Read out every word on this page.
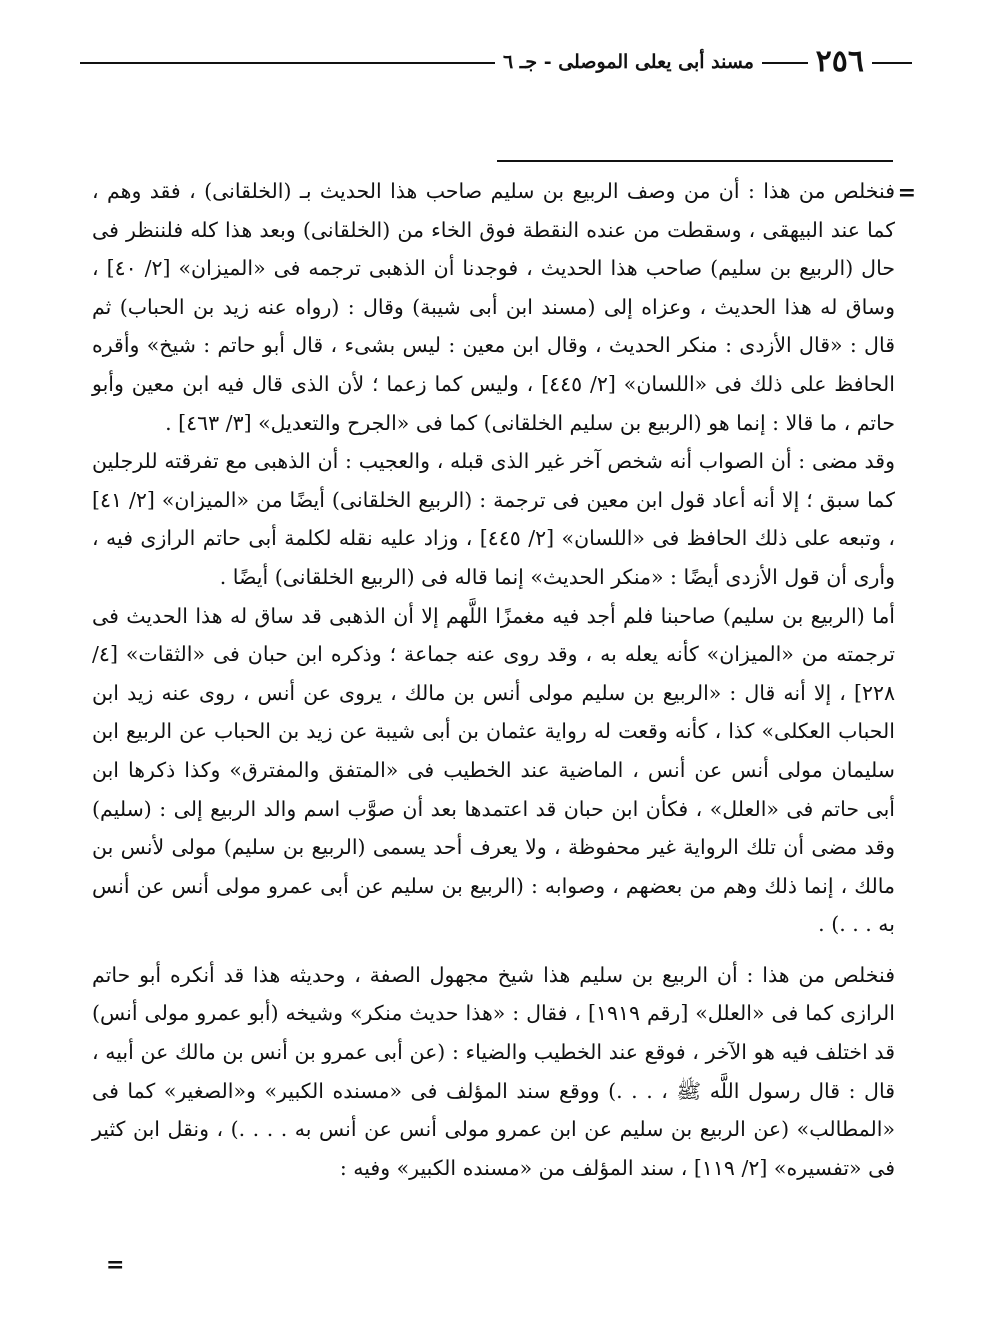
٢٥٦
مسند أبى يعلى الموصلى - جـ ٦
=

فنخلص من هذا : أن من وصف الربيع بن سليم صاحب هذا الحديث بـ (الخلقانى) ، فقد وهم ، كما عند البيهقى ، وسقطت من عنده النقطة فوق الخاء من (الخلقانى) وبعد هذا كله فلننظر فى حال (الربيع بن سليم) صاحب هذا الحديث ، فوجدنا أن الذهبى ترجمه فى «الميزان» [٢/ ٤٠] ، وساق له هذا الحديث ، وعزاه إلى (مسند ابن أبى شيبة) وقال : (رواه عنه زيد بن الحباب) ثم قال : «قال الأزدى : منكر الحديث ، وقال ابن معين : ليس بشىء ، قال أبو حاتم : شيخ» وأقره الحافظ على ذلك فى «اللسان» [٢/ ٤٤٥] ، وليس كما زعما ؛ لأن الذى قال فيه ابن معين وأبو حاتم ، ما قالا : إنما هو (الربيع بن سليم الخلقانى) كما فى «الجرح والتعديل» [٣/ ٤٦٣] .

وقد مضى : أن الصواب أنه شخص آخر غير الذى قبله ، والعجيب : أن الذهبى مع تفرقته للرجلين كما سبق ؛ إلا أنه أعاد قول ابن معين فى ترجمة : (الربيع الخلقانى) أيضًا من «الميزان» [٢/ ٤١] ، وتبعه على ذلك الحافظ فى «اللسان» [٢/ ٤٤٥] ، وزاد عليه نقله لكلمة أبى حاتم الرازى فيه ، وأرى أن قول الأزدى أيضًا : «منكر الحديث» إنما قاله فى (الربيع الخلقانى) أيضًا .

أما (الربيع بن سليم) صاحبنا فلم أجد فيه مغمزًا اللَّهم إلا أن الذهبى قد ساق له هذا الحديث فى ترجمته من «الميزان» كأنه يعله به ، وقد روى عنه جماعة ؛ وذكره ابن حبان فى «الثقات» [٤/ ٢٢٨] ، إلا أنه قال : «الربيع بن سليم مولى أنس بن مالك ، يروى عن أنس ، روى عنه زيد ابن الحباب العكلى» كذا ، كأنه وقعت له رواية عثمان بن أبى شيبة عن زيد بن الحباب عن الربيع ابن سليمان مولى أنس عن أنس ، الماضية عند الخطيب فى «المتفق والمفترق» وكذا ذكرها ابن أبى حاتم فى «العلل» ، فكأن ابن حبان قد اعتمدها بعد أن صوَّب اسم والد الربيع إلى : (سليم) وقد مضى أن تلك الرواية غير محفوظة ، ولا يعرف أحد يسمى (الربيع بن سليم) مولى لأنس بن مالك ، إنما ذلك وهم من بعضهم ، وصوابه : (الربيع بن سليم عن أبى عمرو مولى أنس عن أنس به . . .) .

فنخلص من هذا : أن الربيع بن سليم هذا شيخ مجهول الصفة ، وحديثه هذا قد أنكره أبو حاتم الرازى كما فى «العلل» [رقم ١٩١٩] ، فقال : «هذا حديث منكر» وشيخه (أبو عمرو مولى أنس) قد اختلف فيه هو الآخر ، فوقع عند الخطيب والضياء : (عن أبى عمرو بن أنس بن مالك عن أبيه ، قال : قال رسول اللَّه ﷺ ، . . .) ووقع سند المؤلف فى «مسنده الكبير» و«الصغير» كما فى «المطالب» (عن الربيع بن سليم عن ابن عمرو مولى أنس عن أنس به . . . .) ، ونقل ابن كثير فى «تفسيره» [٢/ ١١٩] ، سند المؤلف من «مسنده الكبير» وفيه :

=
